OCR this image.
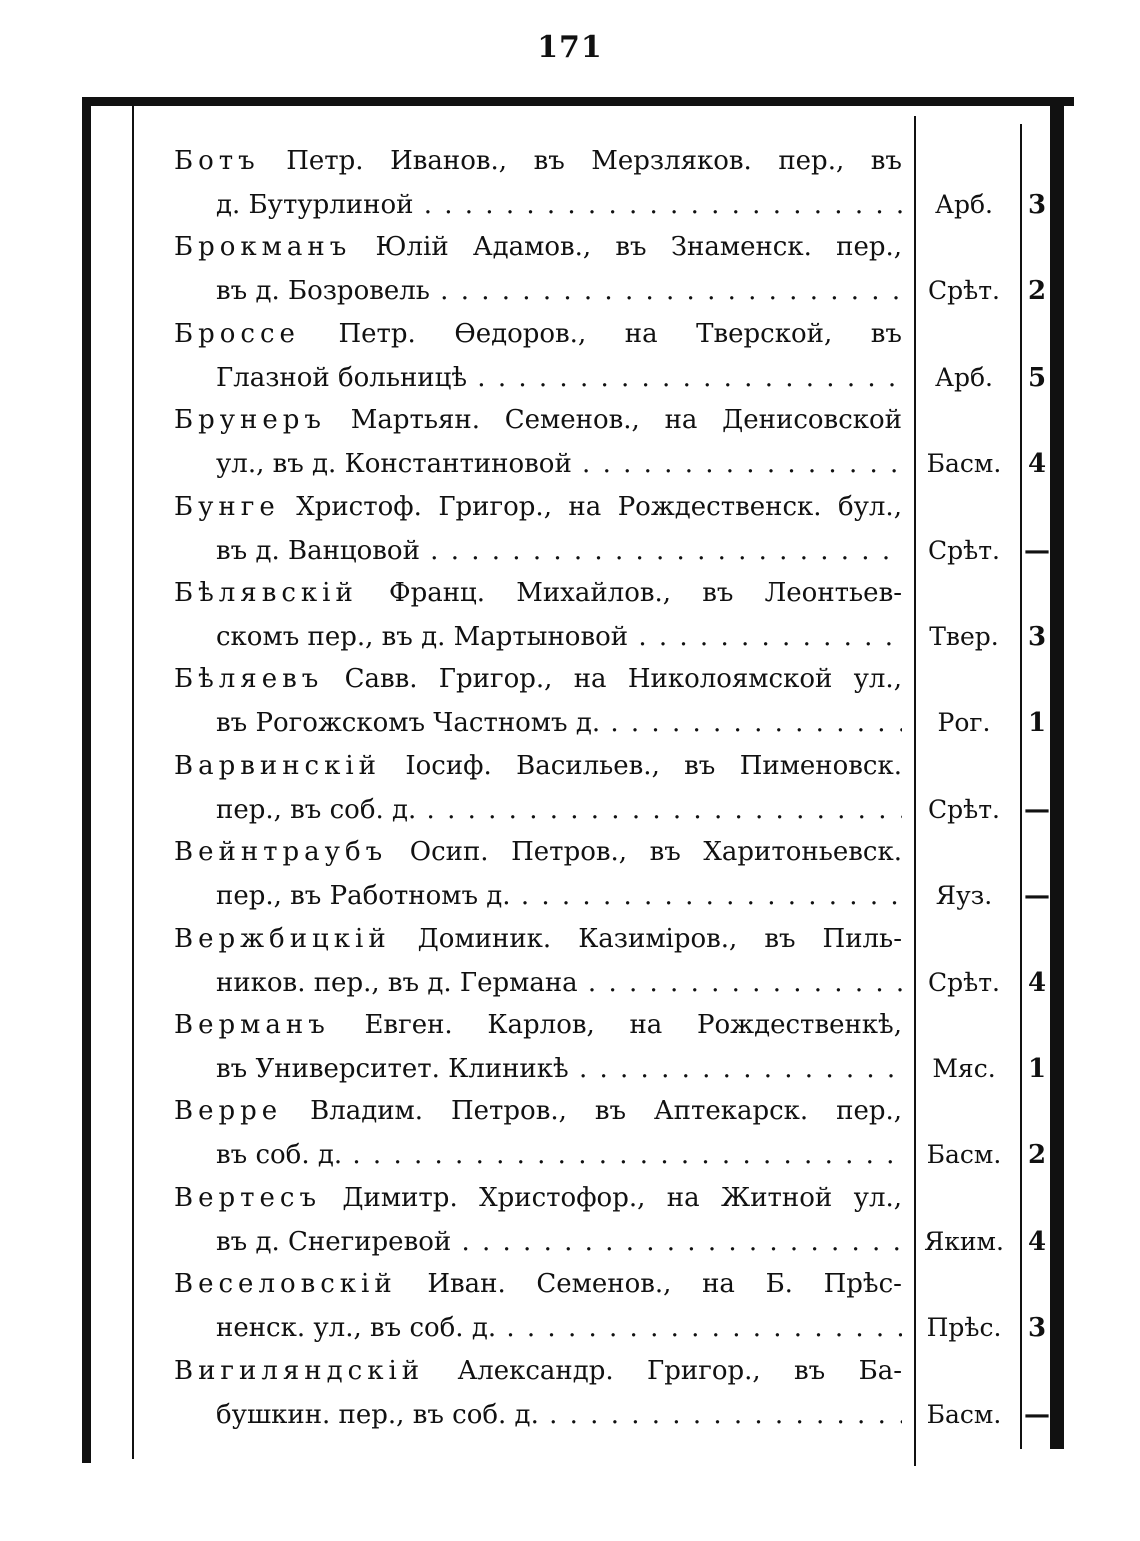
171
Ботъ Петр. Иванов., въ Мерзляков. пер., въ
д. Бутурлиной . . .	Арб.	3
Брокманъ Юлій Адамов., въ Знаменск. пер.,
въ д. Бозровель . . .	Срѣт.	2
Броссе Петр. Өедоров., на Тверской, въ
Глазной больницѣ . . .	Арб.	5
Брунеръ Мартьян. Семенов., на Денисовской
ул., въ д. Константиновой . . .	Басм.	4
Бунге Христоф. Григор., на Рождественск. бул.,
въ д. Ванцовой . . .	Срѣт. —
Бѣлявскій Франц. Михайлов., въ Леонтьев-
скомъ пер., въ д. Мартыновой . . .	Твер.	3
Бѣляевъ Савв. Григор., на Николоямской ул.,
въ Рогожскомъ Частномъ д. . . .	Рог.	1
Варвинскій Іосиф. Васильев., въ Пименовск.
пер., въ соб. д. . . .	Срѣт. —
Вейнтраубъ Осип. Петров., въ Харитоньевск.
пер., въ Работномъ д. . . .	Яуз.	—
Вержбицкій Доминик. Казиміров., въ Пиль-
ников. пер., въ д. Германа . . .	Срѣт.	4
Верманъ Евген. Карлов, на Рождественкѣ,
въ Университет. Клиникѣ . . .	Мяс.	1
Верре Владим. Петров., въ Аптекарск. пер.,
въ соб. д. . . .	Басм.	2
Вертесъ Димитр. Христофор., на Житной ул.,
въ д. Снегиревой . . .	Яким. 4
Веселовскій Иван. Семенов., на Б. Прѣс-
ненск. ул., въ соб. д. . . .	Прѣс.	3
Вигиляндскій Александр. Григор., въ Ба-
бушкин. пер., въ соб. д. . . .	Басм. —
